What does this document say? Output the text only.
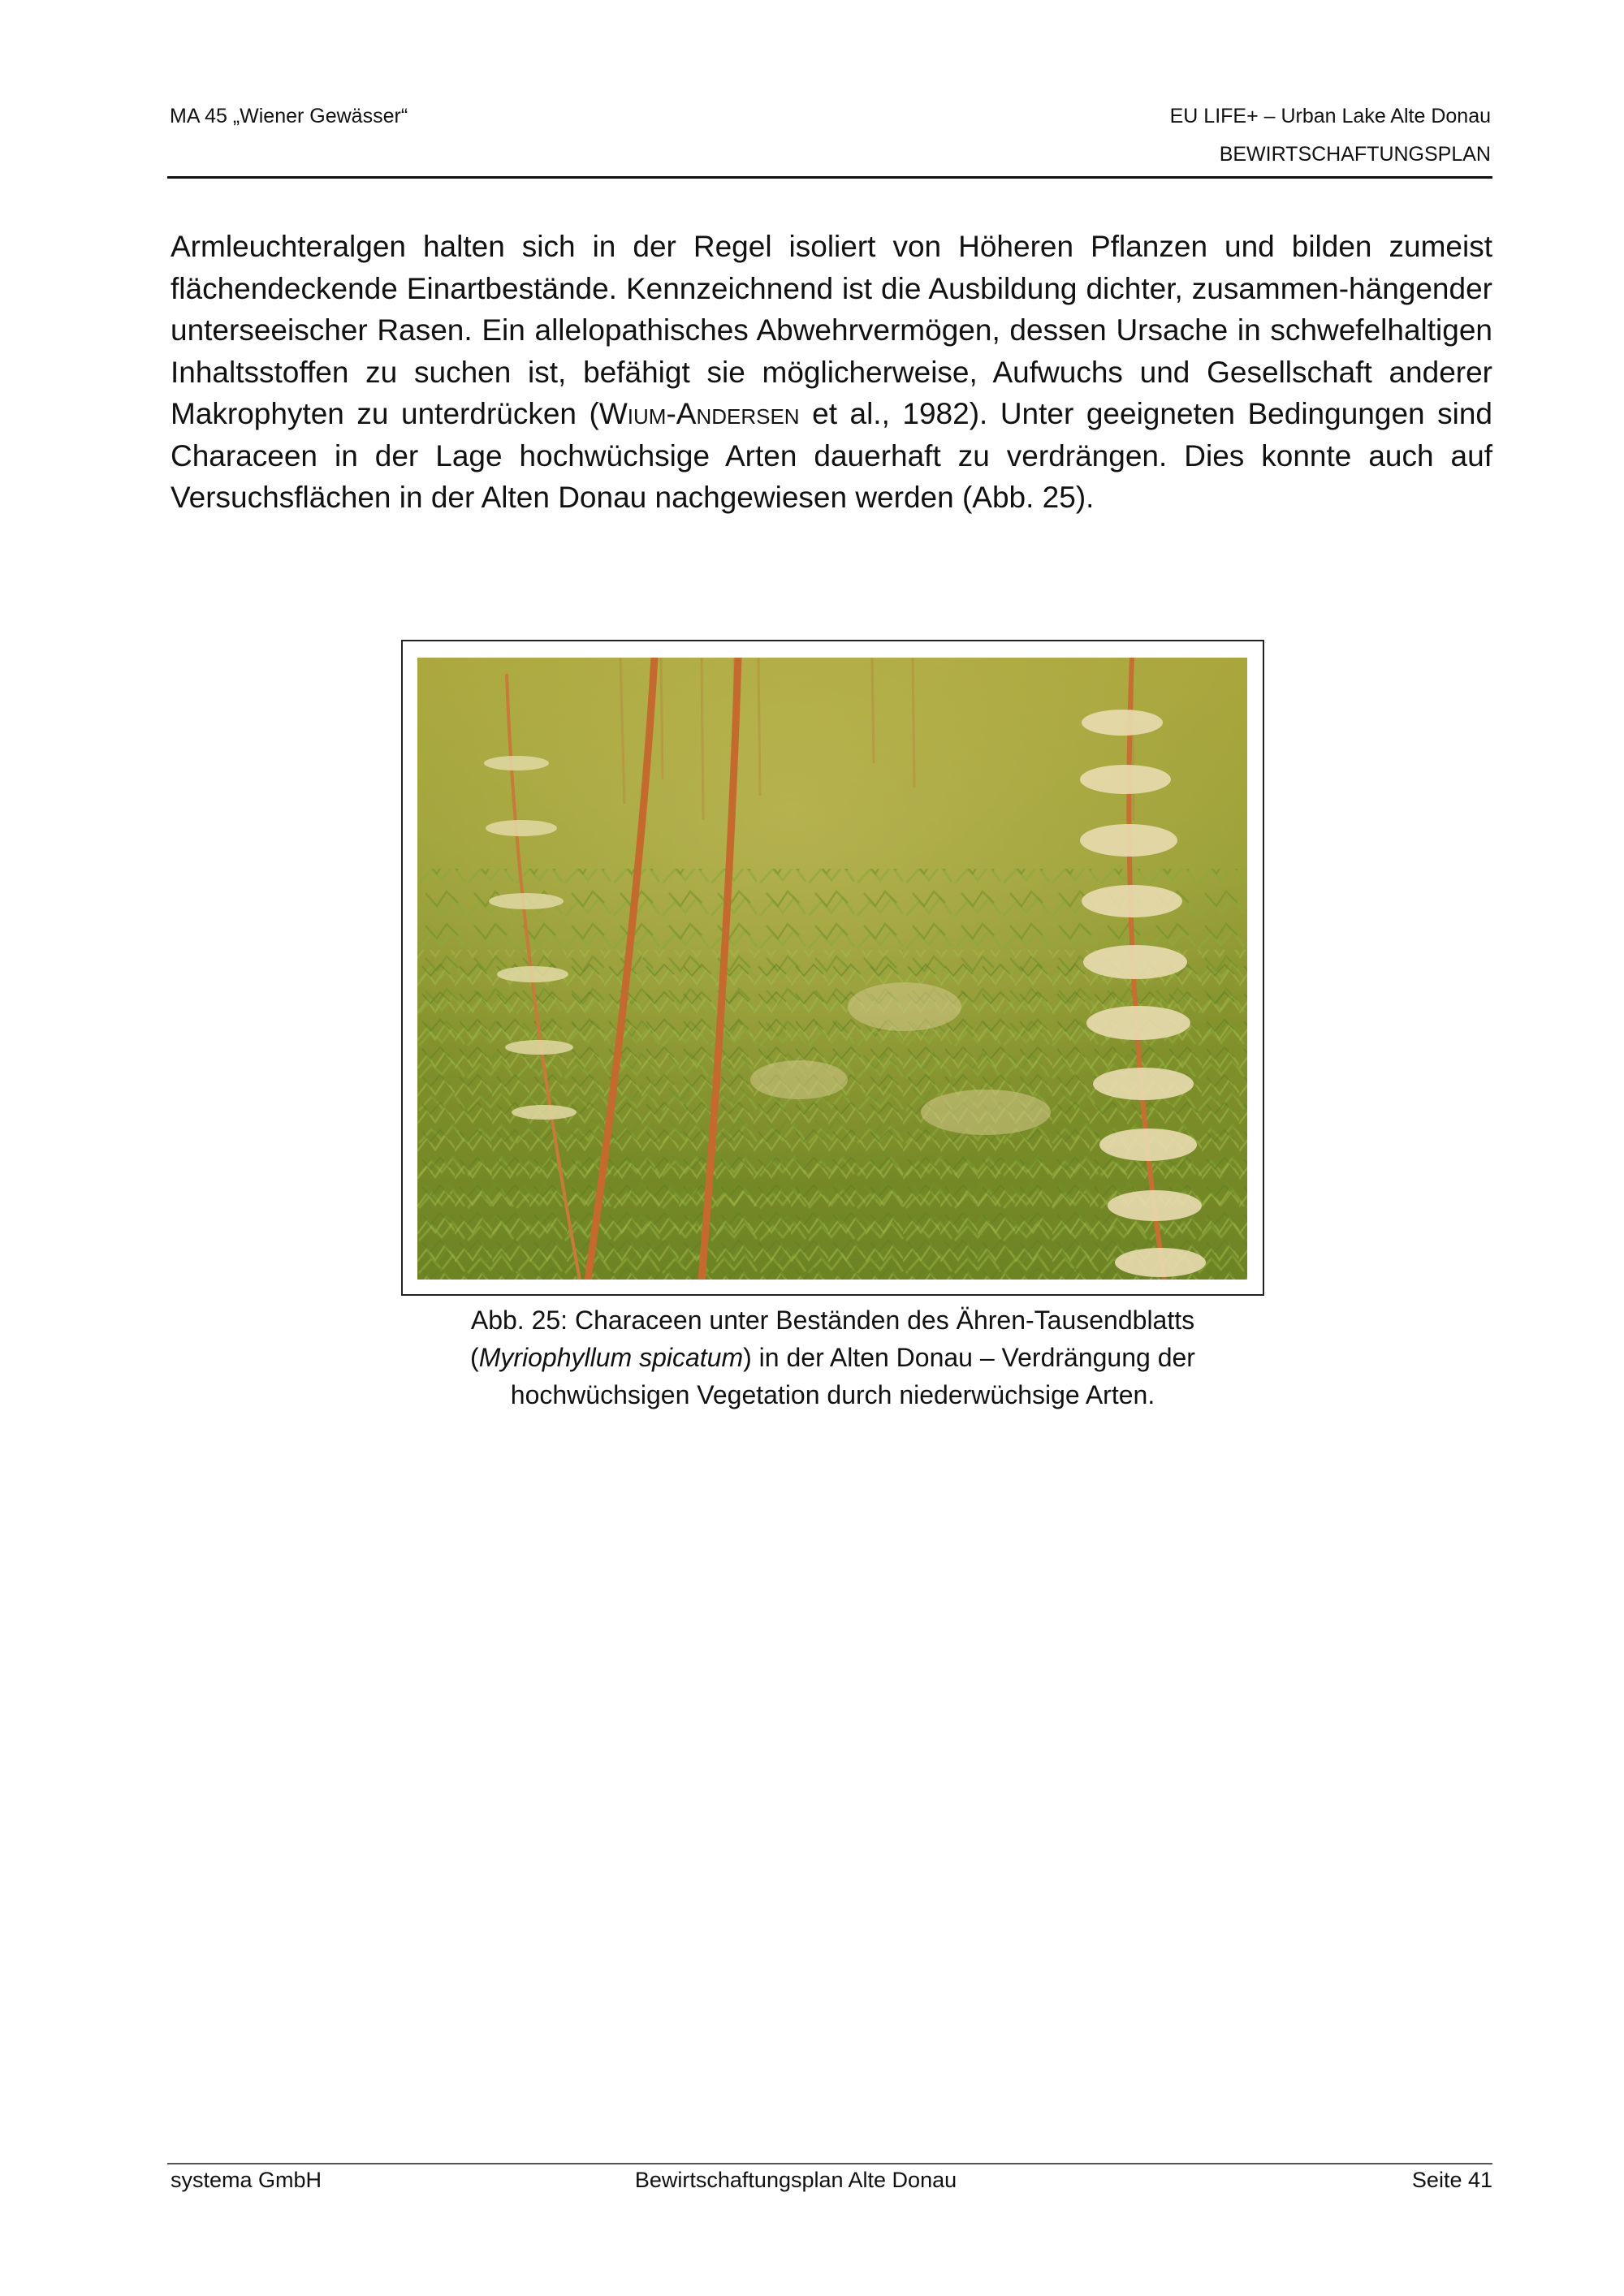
MA 45 „Wiener Gewässer“	EU LIFE+ – Urban Lake Alte Donau
BEWIRTSCHAFTUNGSPLAN
Armleuchteralgen halten sich in der Regel isoliert von Höheren Pflanzen und bilden zumeist flächendeckende Einartbestände. Kennzeichnend ist die Ausbildung dichter, zusammen-hängender unterseeischer Rasen. Ein allelopathisches Abwehrvermögen, dessen Ursache in schwefelhaltigen Inhaltsstoffen zu suchen ist, befähigt sie möglicherweise, Aufwuchs und Gesellschaft anderer Makrophyten zu unterdrücken (Wium-Andersen et al., 1982). Unter geeigneten Bedingungen sind Characeen in der Lage hochwüchsige Arten dauerhaft zu verdrängen. Dies konnte auch auf Versuchsflächen in der Alten Donau nachgewiesen werden (Abb. 25).
Abb. 25: Characeen unter Beständen des Ähren-Tausendblatts (Myriophyllum spicatum) in der Alten Donau – Verdrängung der hochwüchsigen Vegetation durch niederwüchsige Arten.
systema GmbH	Bewirtschaftungsplan Alte Donau	Seite 41
